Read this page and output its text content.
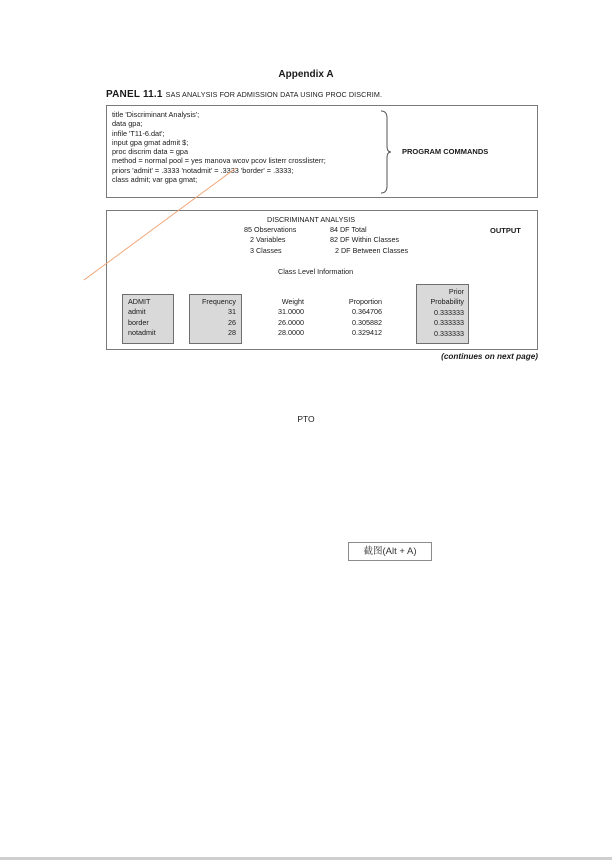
Appendix A
PANEL 11.1 SAS ANALYSIS FOR ADMISSION DATA USING PROC DISCRIM.
title 'Discriminant Analysis';
data gpa;
infile 'T11-6.dat';
input gpa gmat admit $;
proc discrim data = gpa
method = normal pool = yes manova wcov pcov listerr crosslisterr;
priors 'admit' = .3333 'notadmit' = .3333 'border' = .3333;
class admit; var gpa gmat;
PROGRAM COMMANDS
OUTPUT
DISCRIMINANT ANALYSIS
85 Observations
2 Variables
3 Classes
84 DF Total
82 DF Within Classes
2 DF Between Classes
Class Level Information
ADMIT
admit
border
notadmit
Frequency
31
26
28
Weight
31.0000
26.0000
28.0000
Proportion
0.364706
0.305882
0.329412
Prior
Probability
0.333333
0.333333
0.333333
(continues on next page)
PTO
截图(Alt + A)
